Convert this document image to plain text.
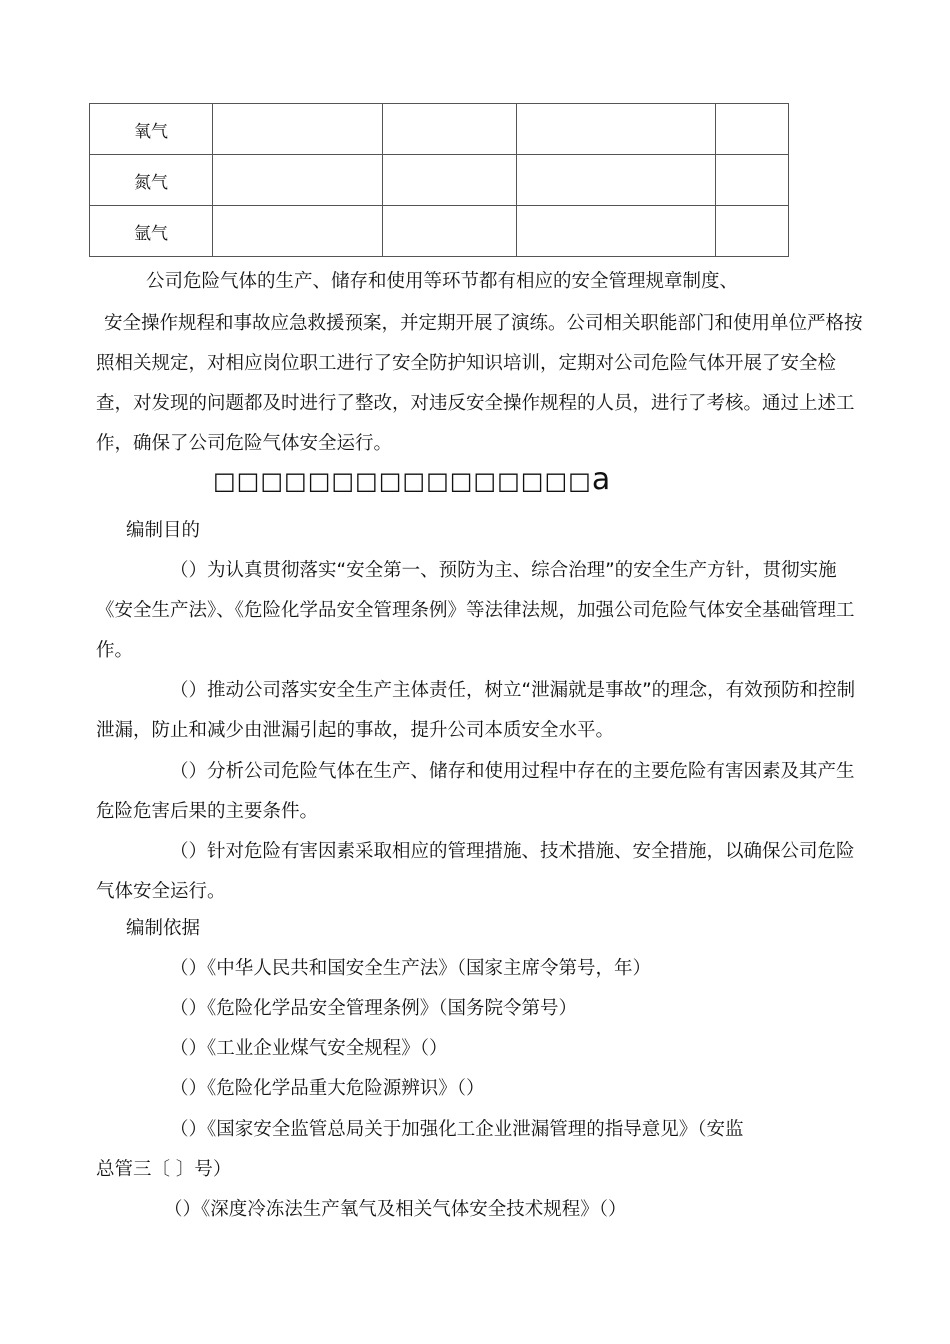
氧气				
氮气				
氩气				
公司危险气体的生产、储存和使用等环节都有相应的安全管理规章制度、

安全操作规程和事故应急救援预案，并定期开展了演练。公司相关职能部门和使用单位严格按照相关规定，对相应岗位职工进行了安全防护知识培训，定期对公司危险气体开展了安全检查，对发现的问题都及时进行了整改，对违反安全操作规程的人员，进行了考核。通过上述工作，确保了公司危险气体安全运行。

□□□□□□□□□□□□□□□□a
编制目的

（）为认真贯彻落实“安全第一、预防为主、综合治理”的安全生产方针，贯彻实施《安全生产法》、《危险化学品安全管理条例》等法律法规，加强公司危险气体安全基础管理工作。

（）推动公司落实安全生产主体责任，树立“泄漏就是事故”的理念，有效预防和控制泄漏，防止和减少由泄漏引起的事故，提升公司本质安全水平。

（）分析公司危险气体在生产、储存和使用过程中存在的主要危险有害因素及其产生危险危害后果的主要条件。

（）针对危险有害因素采取相应的管理措施、技术措施、安全措施，以确保公司危险气体安全运行。

编制依据
（）《中华人民共和国安全生产法》（国家主席令第号，年）
（）《危险化学品安全管理条例》（国务院令第号）
（）《工业企业煤气安全规程》（）
（）《危险化学品重大危险源辨识》（）
（）《国家安全监管总局关于加强化工企业泄漏管理的指导意见》（安监
总管三〔 〕号）
（）《深度冷冻法生产氧气及相关气体安全技术规程》（）
